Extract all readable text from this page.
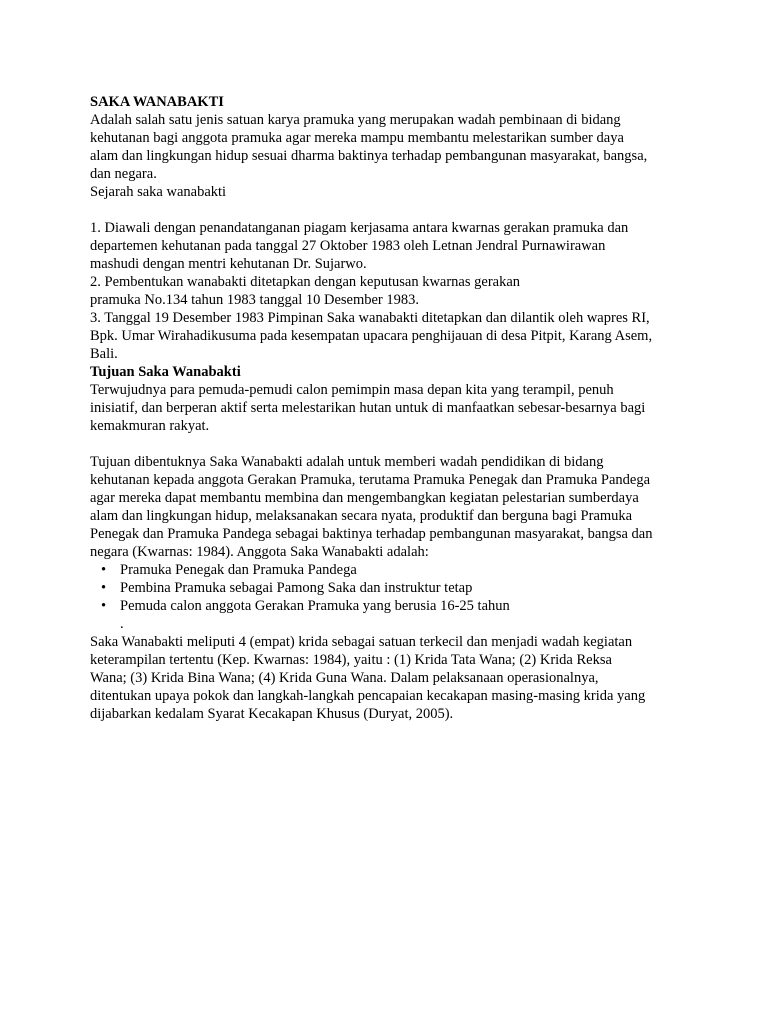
SAKA WANABAKTI
Adalah salah satu jenis satuan karya pramuka yang merupakan wadah pembinaan di bidang
kehutanan bagi anggota pramuka agar mereka mampu membantu melestarikan sumber daya
alam dan lingkungan hidup sesuai dharma baktinya terhadap pembangunan masyarakat, bangsa,
dan negara.
Sejarah saka wanabakti
1. Diawali dengan penandatanganan piagam kerjasama antara kwarnas gerakan pramuka dan
departemen kehutanan pada tanggal 27 Oktober 1983 oleh Letnan Jendral Purnawirawan
mashudi dengan mentri kehutanan Dr. Sujarwo.
2. Pembentukan wanabakti ditetapkan dengan keputusan kwarnas gerakan
pramuka No.134 tahun 1983 tanggal 10 Desember 1983.
3. Tanggal 19 Desember 1983 Pimpinan Saka wanabakti ditetapkan dan dilantik oleh wapres RI,
Bpk. Umar Wirahadikusuma pada kesempatan upacara penghijauan di desa Pitpit, Karang Asem,
Bali.
Tujuan Saka Wanabakti
Terwujudnya para pemuda-pemudi calon pemimpin masa depan kita yang terampil, penuh
inisiatif, dan berperan aktif serta melestarikan hutan untuk di manfaatkan sebesar-besarnya bagi
kemakmuran rakyat.
Tujuan dibentuknya Saka Wanabakti adalah untuk memberi wadah pendidikan di bidang
kehutanan kepada anggota Gerakan Pramuka, terutama Pramuka Penegak dan Pramuka Pandega
agar mereka dapat membantu membina dan mengembangkan kegiatan pelestarian sumberdaya
alam dan lingkungan hidup, melaksanakan secara nyata, produktif dan berguna bagi Pramuka
Penegak dan Pramuka Pandega sebagai baktinya terhadap pembangunan masyarakat, bangsa dan
negara (Kwarnas: 1984). Anggota Saka Wanabakti adalah:
• Pramuka Penegak dan Pramuka Pandega
• Pembina Pramuka sebagai Pamong Saka dan instruktur tetap
• Pemuda calon anggota Gerakan Pramuka yang berusia 16-25 tahun
.
Saka Wanabakti meliputi 4 (empat) krida sebagai satuan terkecil dan menjadi wadah kegiatan
keterampilan tertentu (Kep. Kwarnas: 1984), yaitu : (1) Krida Tata Wana; (2) Krida Reksa
Wana; (3) Krida Bina Wana; (4) Krida Guna Wana. Dalam pelaksanaan operasionalnya,
ditentukan upaya pokok dan langkah-langkah pencapaian kecakapan masing-masing krida yang
dijabarkan kedalam Syarat Kecakapan Khusus (Duryat, 2005).
